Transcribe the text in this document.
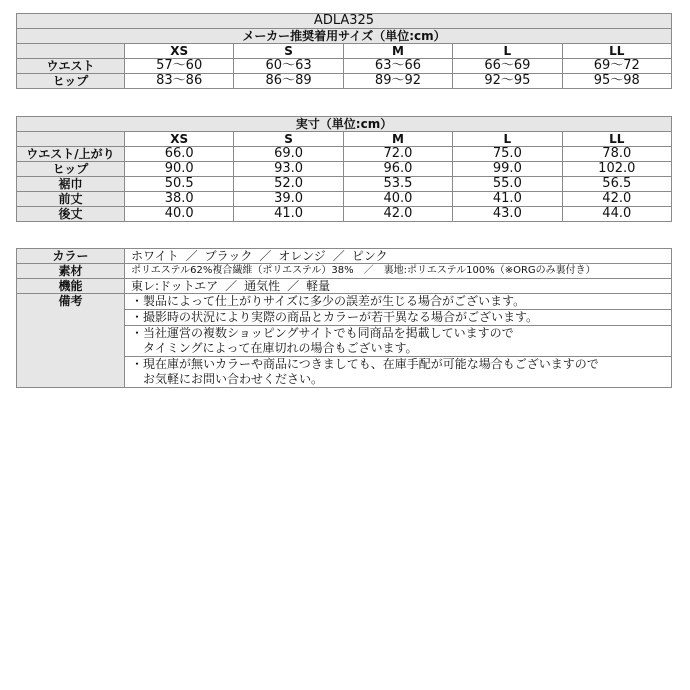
ADLA325					
メーカー推奨着用サイズ（単位:cm）					
	XS	S	M	L	LL
ウエスト	57～60	60～63	63～66	66～69	69～72
ヒップ	83～86	86～89	89～92	92～95	95～98
実寸（単位:cm）					
	XS	S	M	L	LL
ウエスト/上がり	66.0	69.0	72.0	75.0	78.0
ヒップ	90.0	93.0	96.0	99.0	102.0
裾巾	50.5	52.0	53.5	55.0	56.5
前丈	38.0	39.0	40.0	41.0	42.0
後丈	40.0	41.0	42.0	43.0	44.0
カラー	ホワイト ／ ブラック ／ オレンジ ／ ピンク
素材	ポリエステル62%複合繊維（ポリエステル）38%　／　裏地:ポリエステル100%（※ORGのみ裏付き）
機能	東レ:ドットエア ／ 通気性 ／ 軽量
備考	・製品によって仕上がりサイズに多少の誤差が生じる場合がございます。

	・撮影時の状況により実際の商品とカラーが若干異なる場合がございます。

	・当社運営の複数ショッピングサイトでも同商品を掲載していますので
タイミングによって在庫切れの場合もございます。

	・現在庫が無いカラーや商品につきましても、在庫手配が可能な場合もございますので
お気軽にお問い合わせください。
